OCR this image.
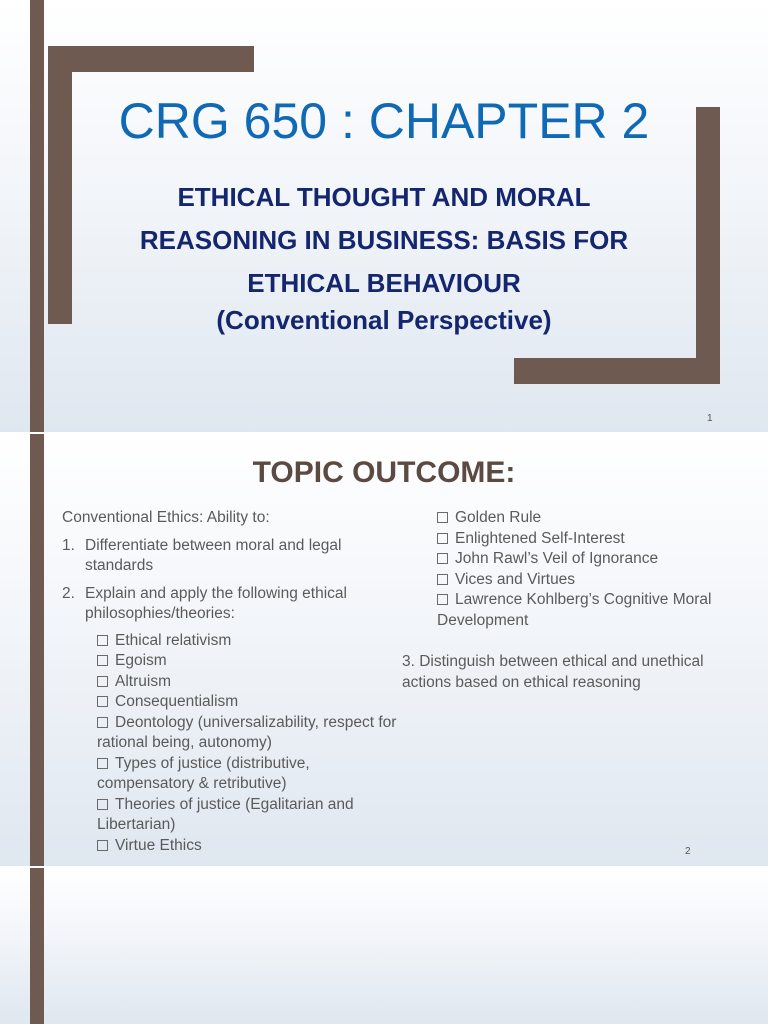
CRG 650 : CHAPTER 2
ETHICAL THOUGHT AND MORAL
REASONING IN BUSINESS: BASIS FOR
ETHICAL BEHAVIOUR
(Conventional Perspective)
1
TOPIC OUTCOME:
Conventional Ethics: Ability to:
1. Differentiate between moral and legal standards
2. Explain and apply the following ethical philosophies/theories:
Ethical relativism
Egoism
Altruism
Consequentialism
Deontology (universalizability, respect for rational being, autonomy)
Types of justice (distributive, compensatory & retributive)
Theories of justice (Egalitarian and Libertarian)
Virtue Ethics
Golden Rule
Enlightened Self-Interest
John Rawl’s Veil of Ignorance
Vices and Virtues
Lawrence Kohlberg’s Cognitive Moral Development
3. Distinguish between ethical and unethical actions based on ethical reasoning
2
